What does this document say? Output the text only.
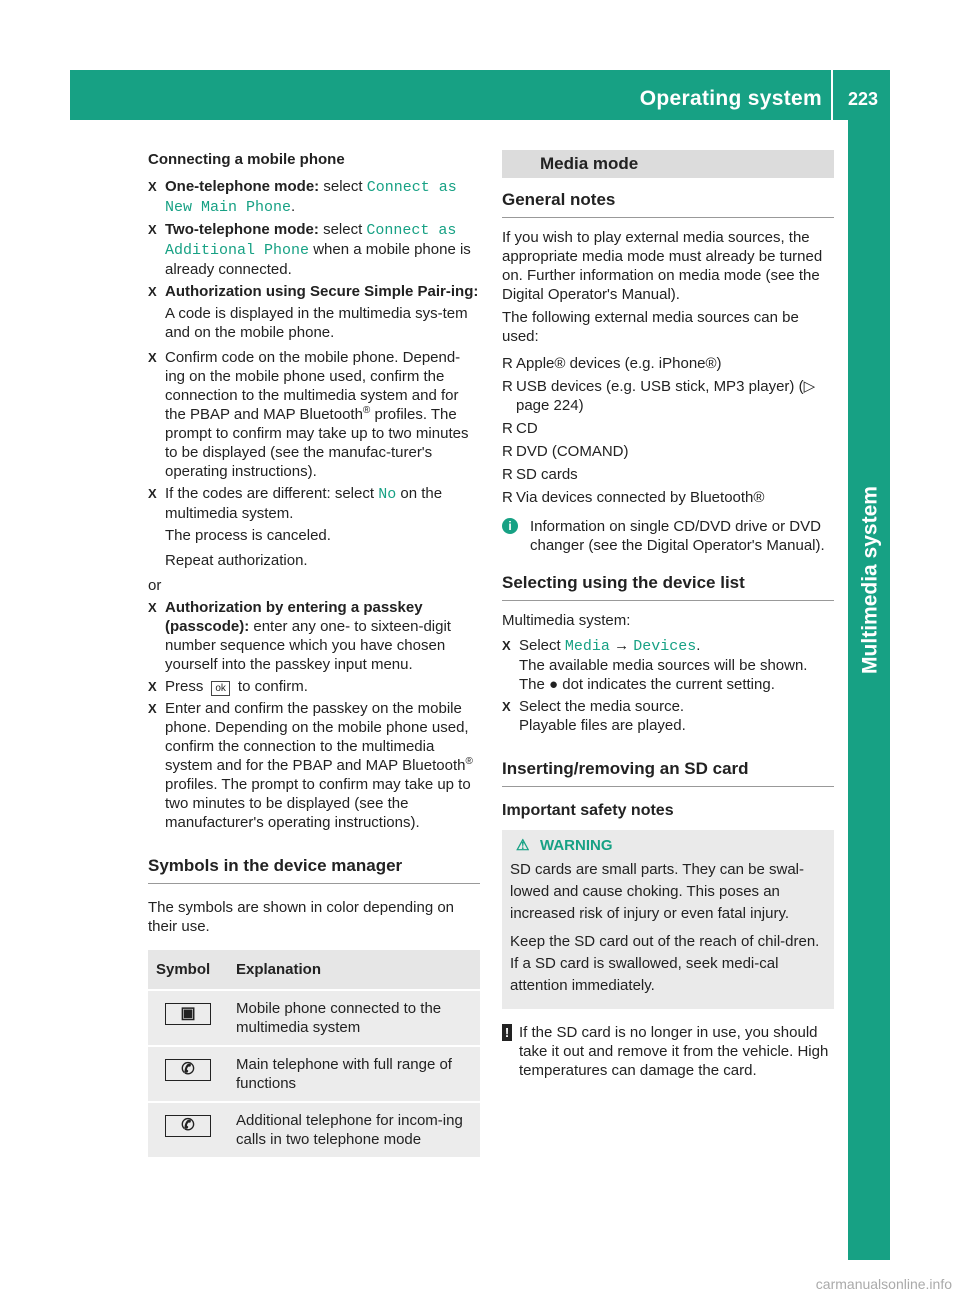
Operating system 223
Multimedia system

Connecting a mobile phone

X One-telephone mode: select Connect as
New Main Phone.
X Two-telephone mode: select Connect as
Additional Phone when a mobile phone is already connected.
X Authorization using Secure Simple Pair-ing:

A code is displayed in the multimedia sys-tem and on the mobile phone.

X Confirm code on the mobile phone. Depend-ing on the mobile phone used, confirm the connection to the multimedia system and for the PBAP and MAP Bluetooth® profiles. The prompt to confirm may take up to two minutes to be displayed (see the manufac-turer's operating instructions).
X If the codes are different: select No on the multimedia system.

The process is canceled.

Repeat authorization.

or

X Authorization by entering a passkey (passcode): enter any one- to sixteen-digit number sequence which you have chosen yourself into the passkey input menu.
X Press ok to confirm.
X Enter and confirm the passkey on the mobile phone. Depending on the mobile phone used, confirm the connection to the multimedia system and for the PBAP and MAP Bluetooth® profiles. The prompt to confirm may take up to two minutes to be displayed (see the manufacturer's operating instructions).
Symbols in the device manager

The symbols are shown in color depending on their use.

Symbol	Explanation
▣	Mobile phone connected to the multimedia system
✆	Main telephone with full range of functions
✆	Additional telephone for incom-ing calls in two telephone mode
Media mode
General notes

If you wish to play external media sources, the appropriate media mode must already be turned on. Further information on media mode (see the Digital Operator's Manual).

The following external media sources can be used:

R Apple® devices (e.g. iPhone®)
R USB devices (e.g. USB stick, MP3 player) (▷ page 224)
R CD
R DVD (COMAND)
R SD cards
R Via devices connected by Bluetooth®
i	Information on single CD/DVD drive or DVD changer (see the Digital Operator's Manual).
Selecting using the device list

Multimedia system:

X Select Media → Devices.
The available media sources will be shown.
The ● dot indicates the current setting.
X Select the media source.
Playable files are played.
Inserting/removing an SD card

Important safety notes

⚠ WARNING

SD cards are small parts. They can be swal-lowed and cause choking. This poses an increased risk of injury or even fatal injury.

Keep the SD card out of the reach of chil-dren. If a SD card is swallowed, seek medi-cal attention immediately.

! If the SD card is no longer in use, you should take it out and remove it from the vehicle. High temperatures can damage the card.
carmanualsonline.info
